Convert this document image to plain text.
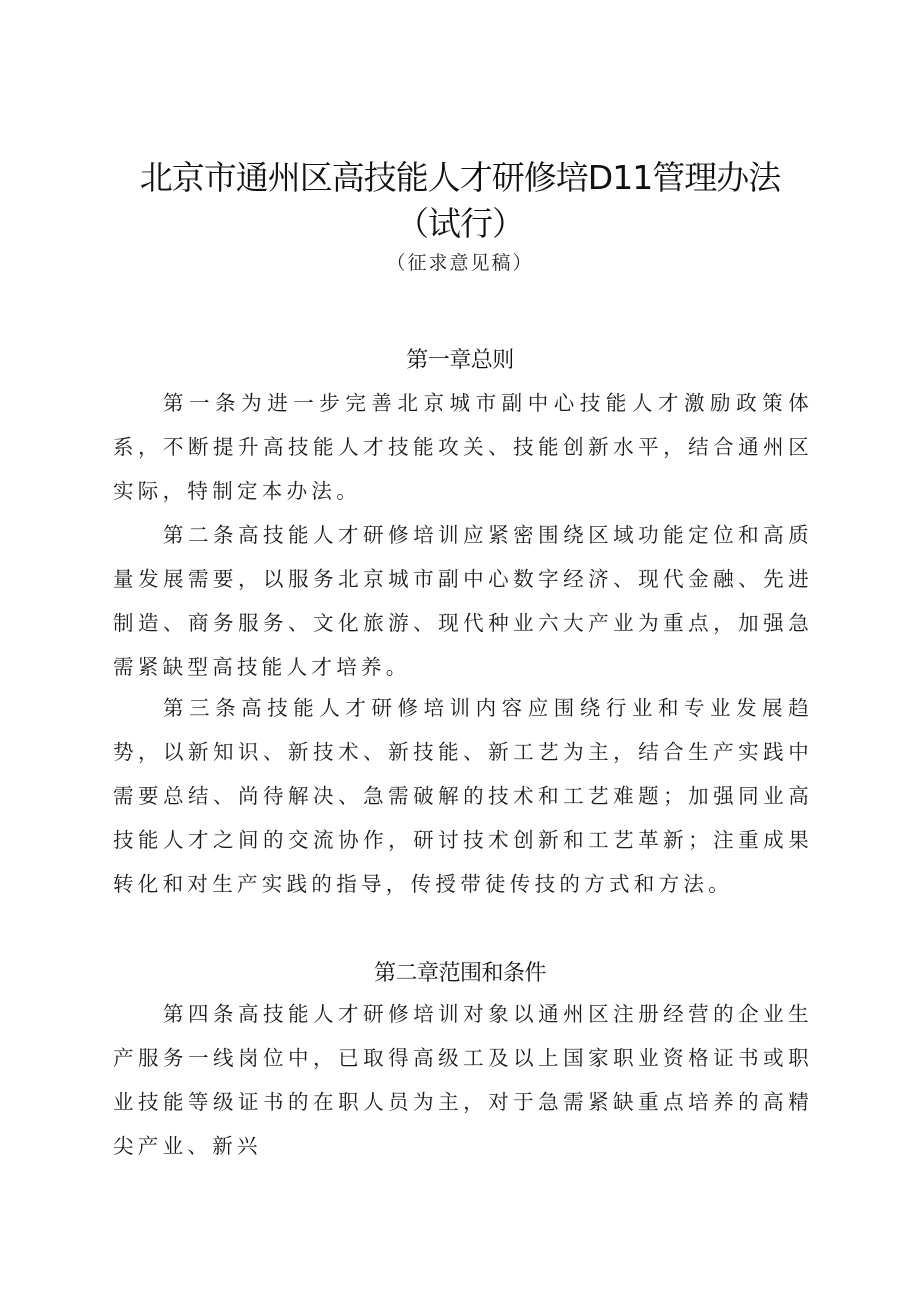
北京市通州区高技能人才研修培D11管理办法
（试行）
（征求意见稿）
第一章总则

第一条为进一步完善北京城市副中心技能人才激励政策体系，不断提升高技能人才技能攻关、技能创新水平，结合通州区实际，特制定本办法。

第二条高技能人才研修培训应紧密围绕区域功能定位和高质量发展需要，以服务北京城市副中心数字经济、现代金融、先进制造、商务服务、文化旅游、现代种业六大产业为重点，加强急需紧缺型高技能人才培养。

第三条高技能人才研修培训内容应围绕行业和专业发展趋势，以新知识、新技术、新技能、新工艺为主，结合生产实践中需要总结、尚待解决、急需破解的技术和工艺难题；加强同业高技能人才之间的交流协作，研讨技术创新和工艺革新；注重成果转化和对生产实践的指导，传授带徒传技的方式和方法。

第二章范围和条件

第四条高技能人才研修培训对象以通州区注册经营的企业生产服务一线岗位中，已取得高级工及以上国家职业资格证书或职业技能等级证书的在职人员为主，对于急需紧缺重点培养的高精尖产业、新兴
